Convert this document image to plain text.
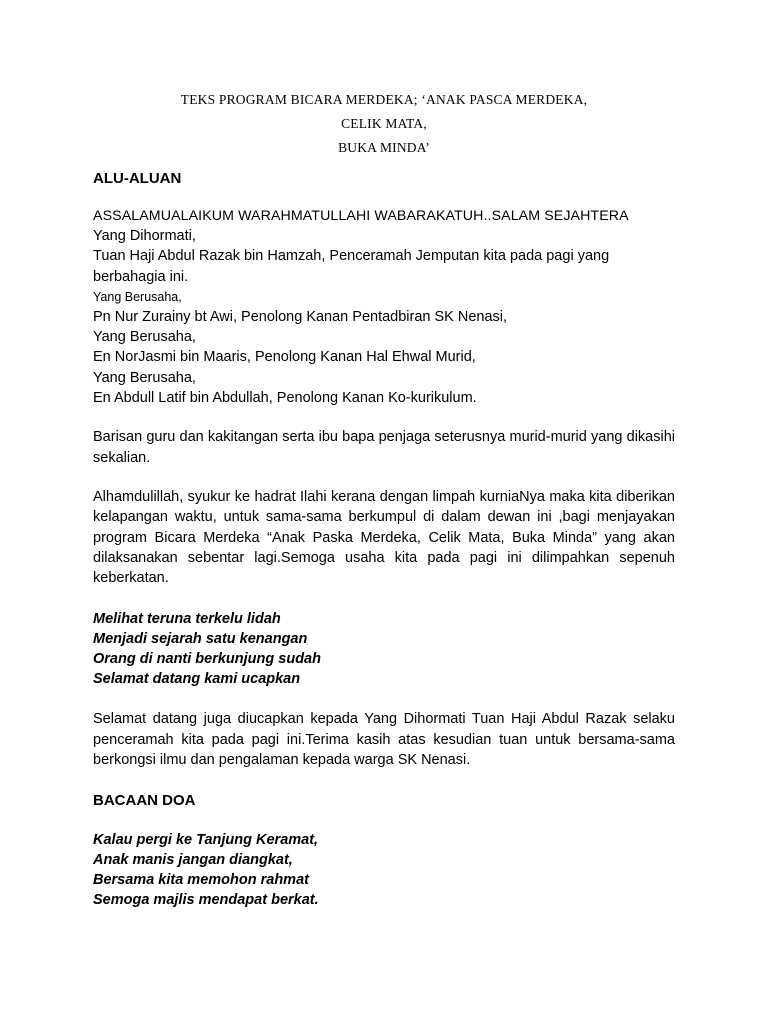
TEKS PROGRAM BICARA MERDEKA; ‘ANAK PASCA MERDEKA,
CELIK MATA,
BUKA MINDA’
ALU-ALUAN
ASSALAMUALAIKUM WARAHMATULLAHI WABARAKATUH..SALAM SEJAHTERA
Yang Dihormati,
Tuan Haji Abdul Razak bin Hamzah, Penceramah Jemputan kita pada pagi yang
berbahagia ini.
Yang Berusaha,
Pn Nur Zurainy bt Awi, Penolong Kanan Pentadbiran SK Nenasi,
Yang Berusaha,
En NorJasmi bin Maaris, Penolong Kanan Hal Ehwal Murid,
Yang Berusaha,
En Abdull Latif bin Abdullah, Penolong Kanan Ko-kurikulum.
Barisan guru dan kakitangan serta ibu bapa penjaga seterusnya murid-murid yang dikasihi sekalian.
Alhamdulillah, syukur ke hadrat Ilahi kerana dengan limpah kurniaNya maka kita diberikan kelapangan waktu, untuk sama-sama berkumpul di dalam dewan ini ,bagi menjayakan program Bicara Merdeka “Anak Paska Merdeka, Celik Mata, Buka Minda” yang akan dilaksanakan sebentar lagi.Semoga usaha kita pada pagi ini dilimpahkan sepenuh keberkatan.
Melihat teruna terkelu lidah
Menjadi sejarah satu kenangan
Orang di nanti berkunjung sudah
Selamat datang kami ucapkan
Selamat datang juga diucapkan kepada Yang Dihormati Tuan Haji Abdul Razak selaku penceramah kita pada pagi ini.Terima kasih atas kesudian tuan untuk bersama-sama berkongsi ilmu dan pengalaman kepada warga SK Nenasi.
BACAAN DOA
Kalau pergi ke Tanjung Keramat,
Anak manis jangan diangkat,
Bersama kita memohon rahmat
Semoga majlis mendapat berkat.
